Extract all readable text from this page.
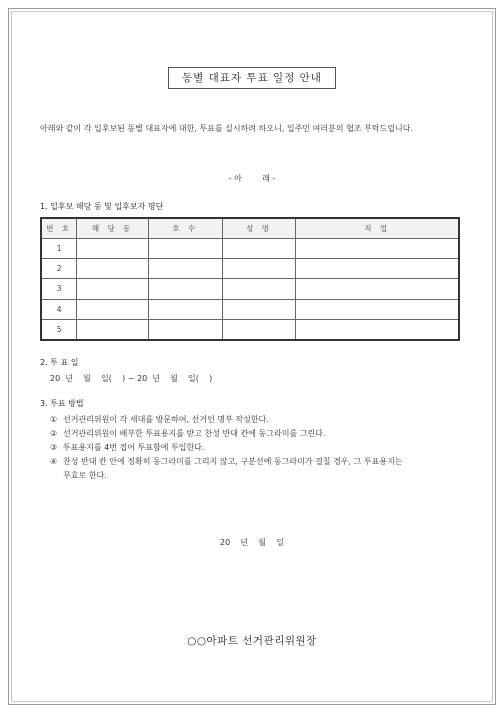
동별 대표자 투표 일정 안내

아래와 같이 각 입후보된 동별 대표자에 대한, 투표를 실시하려 하오니, 입주민 여러분의 협조 부탁드립니다.

- 아        래 -
1. 입후보 해당 동 및 입후보자 명단
번 호	해 당 동	호 수	성 명	직 업
1				
2				
3				
4				
5				
2. 투 표 일
20  년    월    일(    ) ~ 20  년    월    일(    )
3. 투표 방법
① 선거관리위원이 각 세대를 방문하여, 선거인 명부 작성한다.
② 선거관리위원이 배부한 투표용지를 받고 찬성 반대 칸에 동그라미를 그린다.
③ 투표용지를 4번 접어 투표함에 투입한다.
④ 찬성 반대 칸 안에 정확히 동그라미를 그리지 않고, 구분선에 동그라미가 걸칠 경우, 그 투표용지는
무효로 한다.
20    년    월    일
○○아파트 선거관리위원장
